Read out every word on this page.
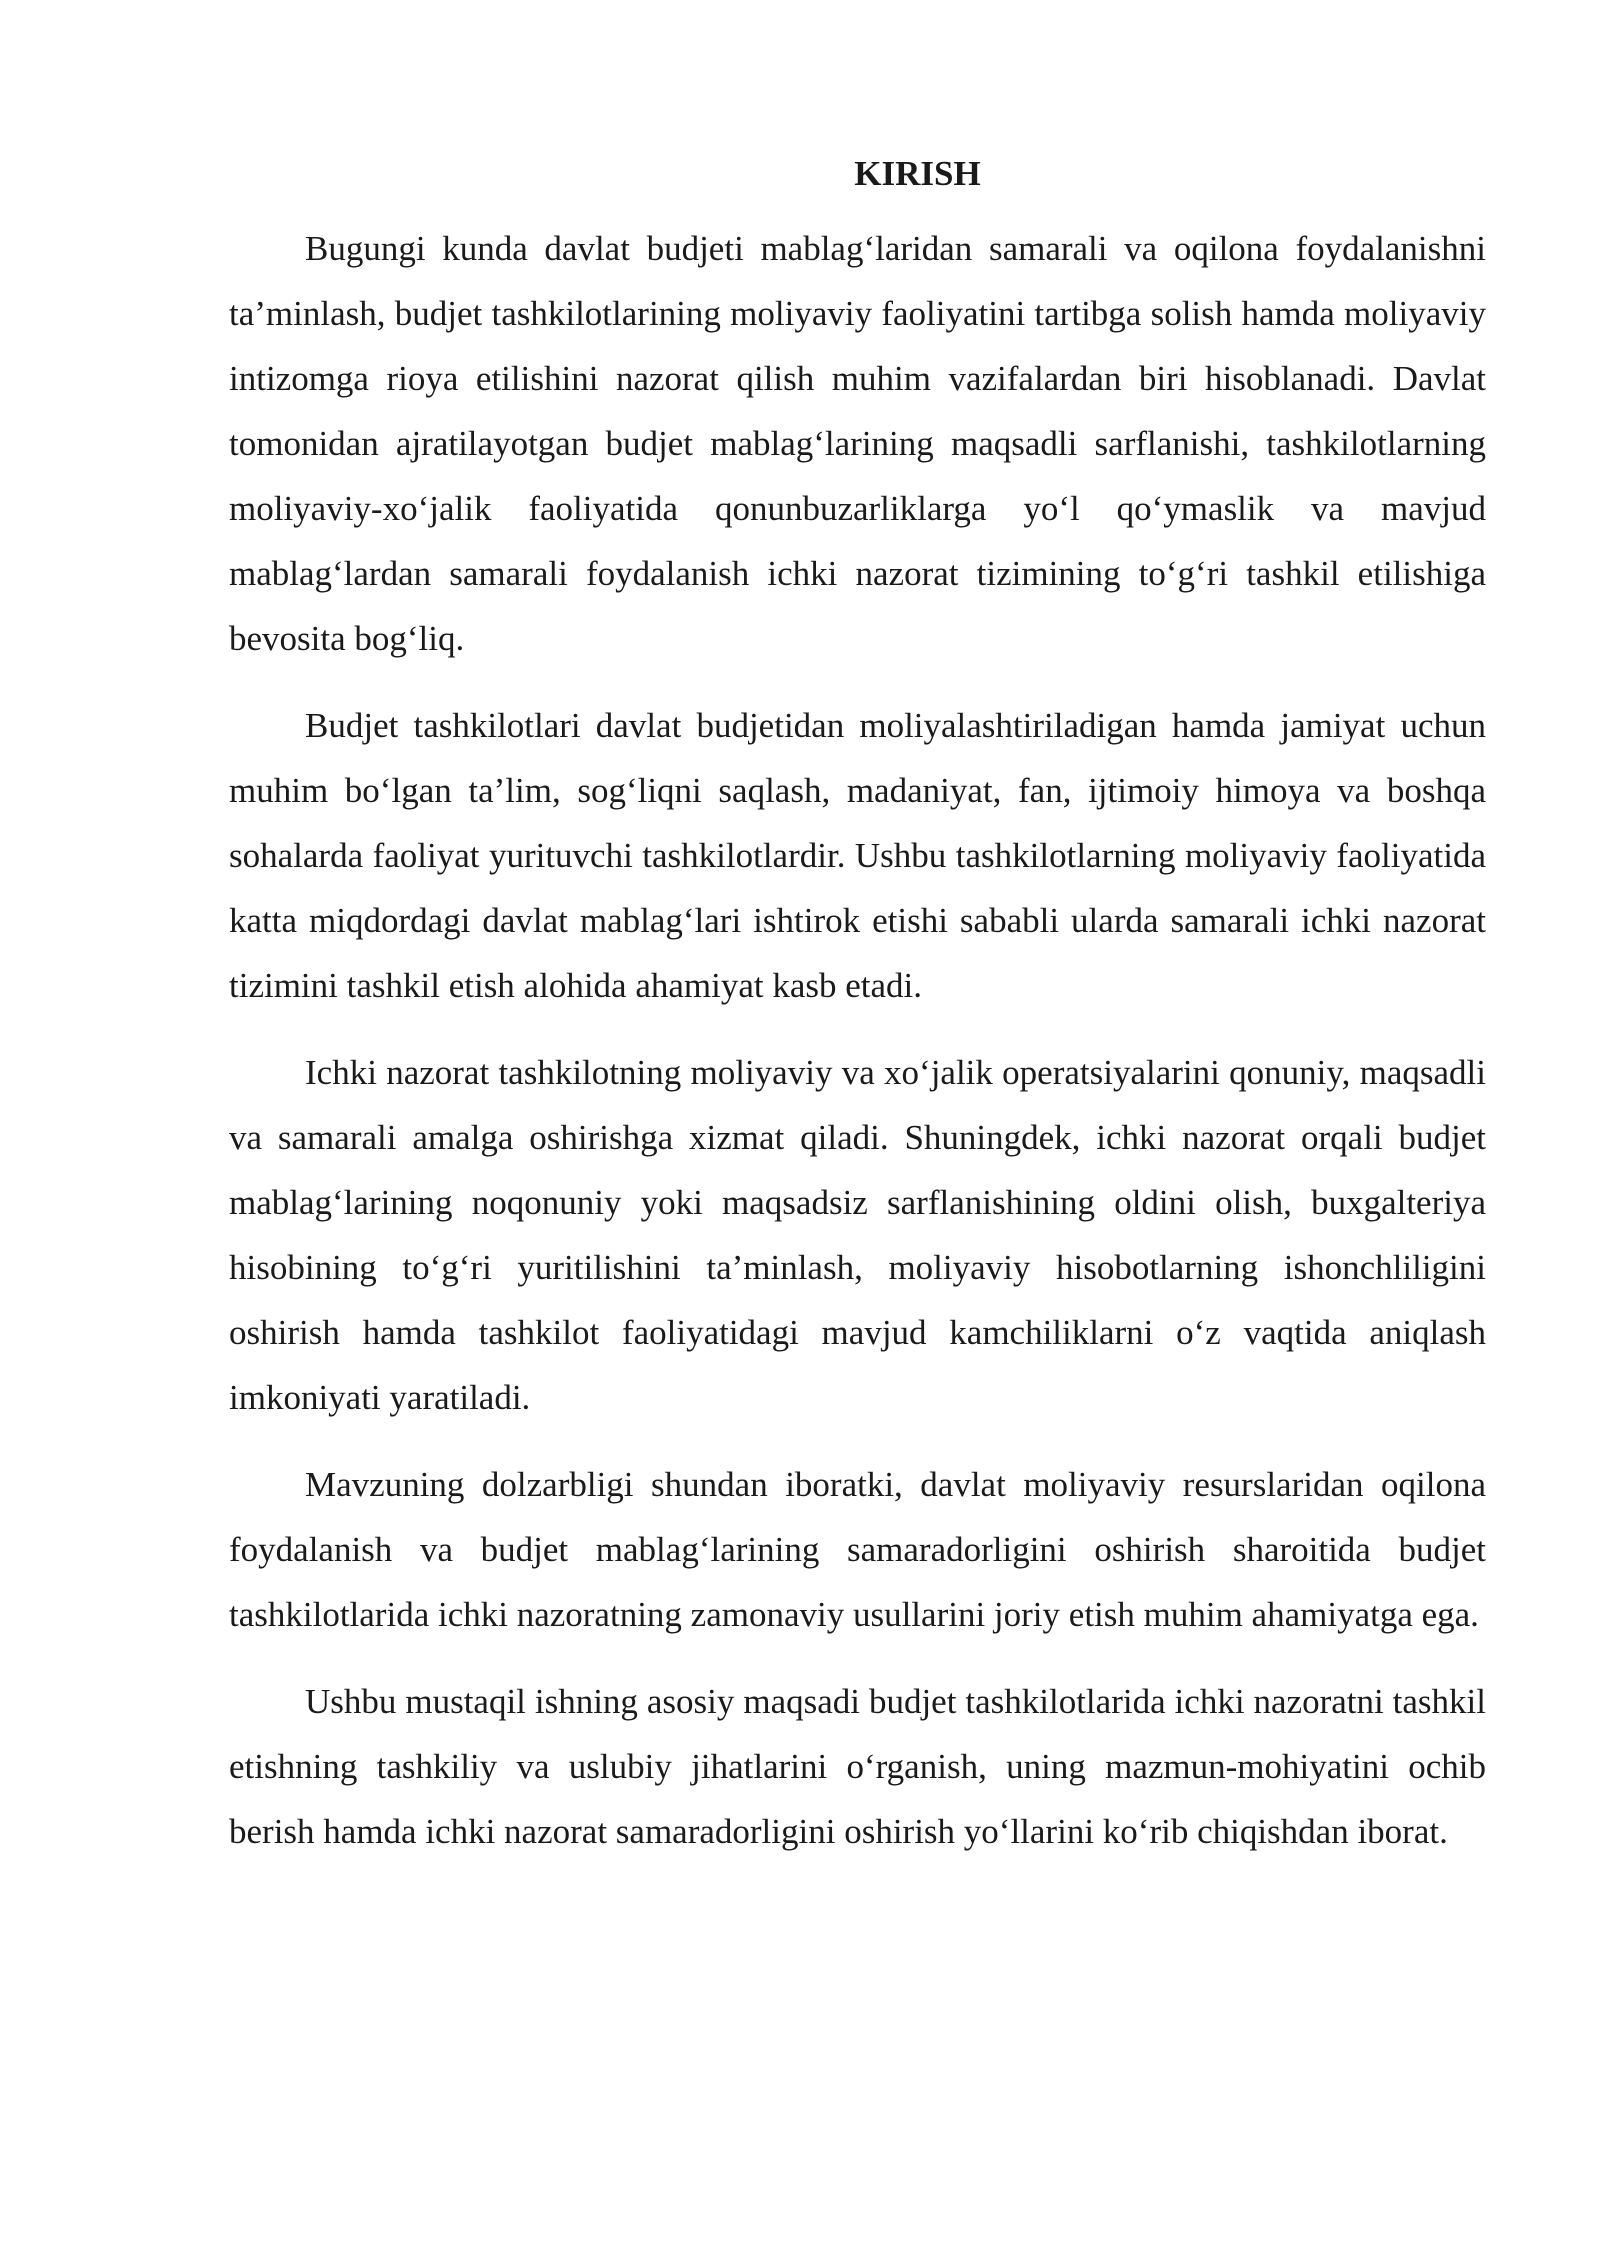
KIRISH

Bugungi kunda davlat budjeti mablag‘laridan samarali va oqilona foydalanishni ta’minlash, budjet tashkilotlarining moliyaviy faoliyatini tartibga solish hamda moliyaviy intizomga rioya etilishini nazorat qilish muhim vazifalardan biri hisoblanadi. Davlat tomonidan ajratilayotgan budjet mablag‘larining maqsadli sarflanishi, tashkilotlarning moliyaviy-xo‘jalik faoliyatida qonunbuzarliklarga yo‘l qo‘ymaslik va mavjud mablag‘lardan samarali foydalanish ichki nazorat tizimining to‘g‘ri tashkil etilishiga bevosita bog‘liq.

Budjet tashkilotlari davlat budjetidan moliyalashtiriladigan hamda jamiyat uchun muhim bo‘lgan ta’lim, sog‘liqni saqlash, madaniyat, fan, ijtimoiy himoya va boshqa sohalarda faoliyat yurituvchi tashkilotlardir. Ushbu tashkilotlarning moliyaviy faoliyatida katta miqdordagi davlat mablag‘lari ishtirok etishi sababli ularda samarali ichki nazorat tizimini tashkil etish alohida ahamiyat kasb etadi.

Ichki nazorat tashkilotning moliyaviy va xo‘jalik operatsiyalarini qonuniy, maqsadli va samarali amalga oshirishga xizmat qiladi. Shuningdek, ichki nazorat orqali budjet mablag‘larining noqonuniy yoki maqsadsiz sarflanishining oldini olish, buxgalteriya hisobining to‘g‘ri yuritilishini ta’minlash, moliyaviy hisobotlarning ishonchliligini oshirish hamda tashkilot faoliyatidagi mavjud kamchiliklarni o‘z vaqtida aniqlash imkoniyati yaratiladi.

Mavzuning dolzarbligi shundan iboratki, davlat moliyaviy resurslaridan oqilona foydalanish va budjet mablag‘larining samaradorligini oshirish sharoitida budjet tashkilotlarida ichki nazoratning zamonaviy usullarini joriy etish muhim ahamiyatga ega.

Ushbu mustaqil ishning asosiy maqsadi budjet tashkilotlarida ichki nazoratni tashkil etishning tashkiliy va uslubiy jihatlarini o‘rganish, uning mazmun-mohiyatini ochib berish hamda ichki nazorat samaradorligini oshirish yo‘llarini ko‘rib chiqishdan iborat.
